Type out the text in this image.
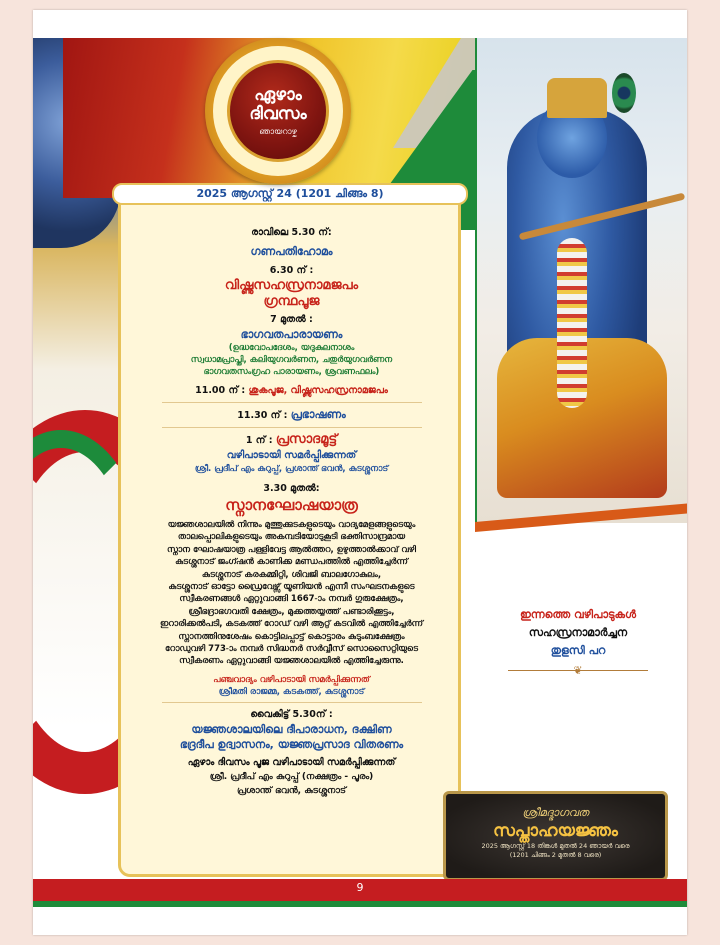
2025 ആഗസ്റ്റ് 24 (1201 ചിങ്ങം 8)

രാവിലെ 5.30 ന്:

ഗണപതിഹോമം

6.30 ന് :

വിഷ്ണുസഹസ്രനാമജപം

ഗ്രന്ഥപൂജ

7 മുതൽ :

ഭാഗവതപാരായണം

(ഉദ്ധവോപദേശം, യദുകുലനാശം

സ്വധാമപ്രാപ്തി, കലിയുഗവർണന, ചതുർയുഗവർണന

ഭാഗവതസംഗ്രഹ പാരായണം, ശ്രവണഫലം)

11.00 ന് : ശുകപൂജ, വിഷ്ണുസഹസ്രനാമജപം

11.30 ന് : പ്രഭാഷണം

1 ന് : പ്രസാദമൂട്ട്

വഴിപാടായി സമർപ്പിക്കുന്നത്

ശ്രീ. പ്രദീപ് എം കുറുപ്പ്, പ്രശാന്ത് ഭവൻ, കുടശ്ശനാട്

3.30 മുതൽ:

സ്നാനഘോഷയാത്ര

യജ്ഞശാലയിൽ നിന്നും മുത്തുക്കുടകളുടെയും വാദ്യമേളങ്ങളുടെയും
താലപ്പൊലികളുടെയും അകമ്പടിയോടുകൂടി ഭക്തിസാന്ദ്രമായ
സ്നാന ഘോഷയാത്ര പള്ളിവേട്ട ആൽത്തറ, ഉഴുത്താൽക്കാവ് വഴി
കുടശ്ശനാട് ജംഗ്ഷൻ കാണിക്ക മണ്ഡപത്തിൽ എത്തിച്ചേർന്ന്
കുടശ്ശനാട് കരകമ്മിറ്റി, ശിവജി ബാലഗോകുലം,
കുടശ്ശനാട് ഓട്ടോ ഡ്രൈവേഴ്സ് യൂണിയൻ എന്നീ സംഘടനകളുടെ
സ്വീകരണങ്ങൾ ഏറ്റുവാങ്ങി 1667-ാം നമ്പർ ഗുരുക്ഷേത്രം,
ശ്രീഭദ്രാഭഗവതി ക്ഷേത്രം, മുക്കത്തയ്യത്ത് പണ്ടാരിക്കൂട്ടം,
ഇറാരിക്കൽപടി, കടകത്ത് റോഡ് വഴി ആറ്റ് കടവിൽ എത്തിച്ചേർന്ന്
സ്നാനത്തിനുശേഷം കൊട്ടിലപ്പാട്ട് കൊട്ടാരം കുടുംബക്ഷേത്രം
റോഡുവഴി 773-ാം നമ്പർ സിദ്ധനർ സർവ്വീസ് സൊസൈറ്റിയുടെ
സ്വീകരണം ഏറ്റുവാങ്ങി യജ്ഞശാലയിൽ എത്തിച്ചേരുന്നു.

പഞ്ചവാദ്യം വഴിപാടായി സമർപ്പിക്കുന്നത്

ശ്രീമതി രാജമ്മ, കടകത്ത്, കുടശ്ശനാട്

വൈകിട്ട് 5.30ന് :

യജ്ഞശാലയിലെ ദീപാരാധന, ദക്ഷിണ

ഭദ്രദീപ ഉദ്വാസനം, യജ്ഞപ്രസാദ വിതരണം

ഏഴാം ദിവസം പൂജ വഴിപാടായി സമർപ്പിക്കുന്നത്

ശ്രീ. പ്രദീപ് എം കുറുപ്പ് (നക്ഷത്രം - പൂരം)

പ്രശാന്ത് ഭവൻ, കുടശ്ശനാട്

ഏഴാം
ദിവസം
ഞായറാഴ്ച
ഇന്നത്തെ വഴിപാടുകൾ
സഹസ്രനാമാർച്ചന
തുളസി പറ
❦
ശ്രീമദ്ഭാഗവത
സപ്താഹയജ്ഞം
2025 ആഗസ്റ്റ് 18 തിങ്കൾ മുതൽ 24 ഞായർ വരെ
(1201 ചിങ്ങം 2 മുതൽ 8 വരെ)
9
